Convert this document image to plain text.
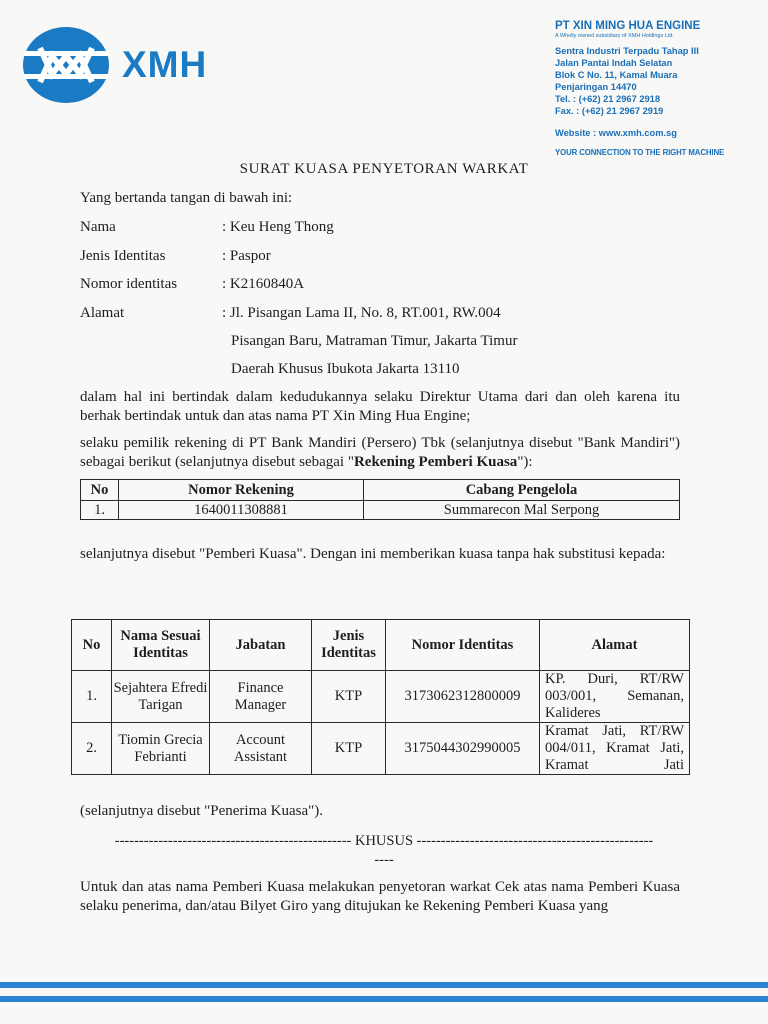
XMH
PT XIN MING HUA ENGINE
A Wholly owned subsidiary of XMH Holdings Ltd.
Sentra Industri Terpadu Tahap III
Jalan Pantai Indah Selatan
Blok C No. 11, Kamal Muara
Penjaringan 14470
Tel. : (+62) 21 2967 2918
Fax. : (+62) 21 2967 2919
Website : www.xmh.com.sg
YOUR CONNECTION TO THE RIGHT MACHINE
SURAT KUASA PENYETORAN WARKAT
Yang bertanda tangan di bawah ini:
Nama	: Keu Heng Thong
Jenis Identitas	: Paspor
Nomor identitas	: K2160840A
Alamat	: Jl. Pisangan Lama II, No. 8, RT.001, RW.004
Pisangan Baru, Matraman Timur, Jakarta Timur
Daerah Khusus Ibukota Jakarta 13110
dalam hal ini bertindak dalam kedudukannya selaku Direktur Utama dari dan oleh karena itu berhak bertindak untuk dan atas nama PT Xin Ming Hua Engine;
selaku pemilik rekening di PT Bank Mandiri (Persero) Tbk (selanjutnya disebut "Bank Mandiri") sebagai berikut (selanjutnya disebut sebagai "Rekening Pemberi Kuasa"):
No	Nomor Rekening	Cabang Pengelola
1.	1640011308881	Summarecon Mal Serpong
selanjutnya disebut "Pemberi Kuasa". Dengan ini memberikan kuasa tanpa hak substitusi kepada:
No	Nama Sesuai Identitas	Jabatan	Jenis Identitas	Nomor Identitas	Alamat
1.	Sejahtera Efredi Tarigan	Finance Manager	KTP	3173062312800009	KP. Duri, RT/RW 003/001, Semanan, Kalideres
2.	Tiomin Grecia Febrianti	Account Assistant	KTP	3175044302990005	Kramat Jati, RT/RW 004/011, Kramat Jati, Kramat Jati
(selanjutnya disebut "Penerima Kuasa").
------------------------------------------------- KHUSUS -------------------------------------------------
----
Untuk dan atas nama Pemberi Kuasa melakukan penyetoran warkat Cek atas nama Pemberi Kuasa selaku penerima, dan/atau Bilyet Giro yang ditujukan ke Rekening Pemberi Kuasa yang
